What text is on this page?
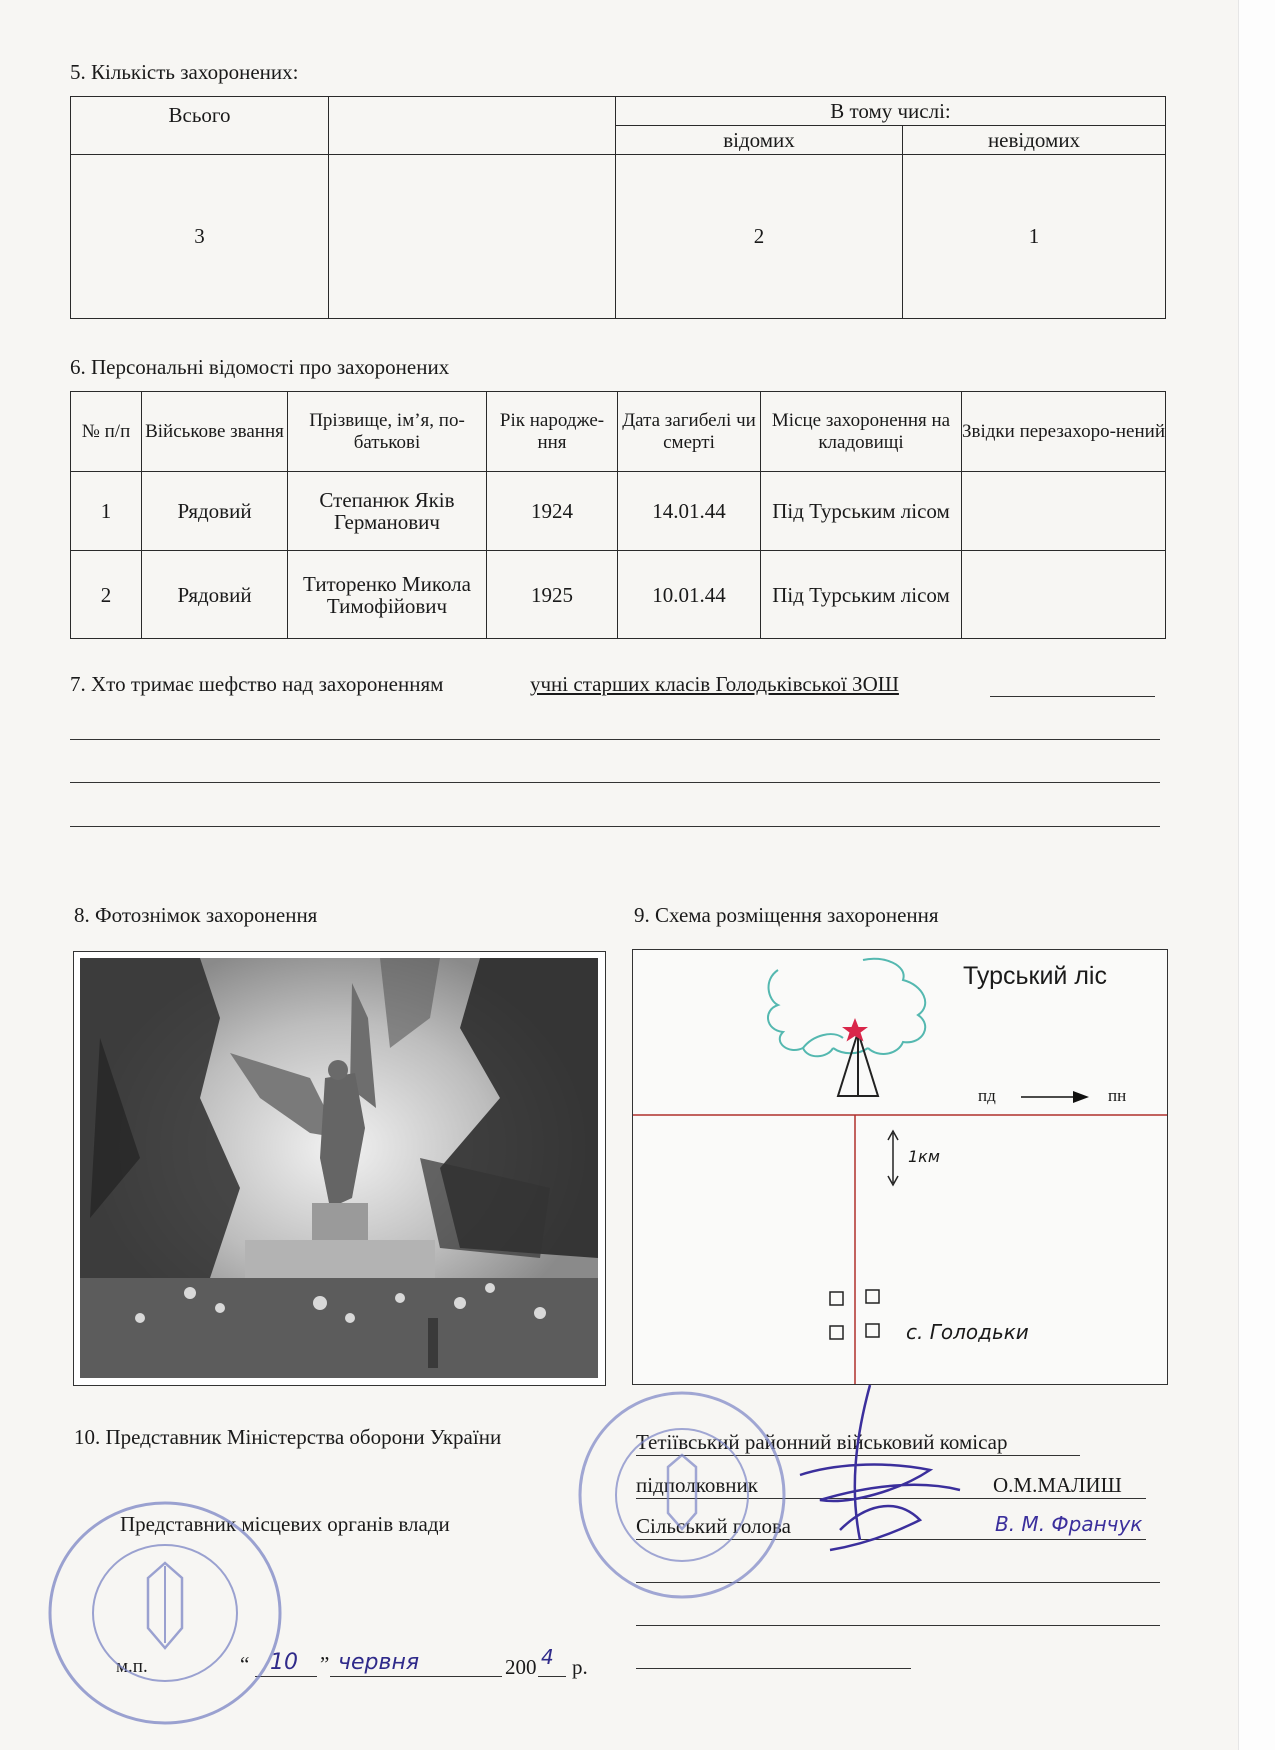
5. Кількість захоронених:
Всього		В тому числі:	
		відомих	невідомих
3		2	1
6. Персональні відомості про захоронених
№ п/п	Військове звання	Прізвище, ім’я, по-батькові	Рік народже-ння	Дата загибелі чи смерті	Місце захоронення на кладовищі	Звідки перезахоро-нений
1	Рядовий	Степанюк Яків Германович	1924	14.01.44	Під Турським лісом	
2	Рядовий	Титоренко Микола Тимофійович	1925	10.01.44	Під Турським лісом	
7. Хто тримає шефство над захороненням	учні старших класів Голодьківської ЗОШ
8. Фотознімок захоронення	9. Схема розміщення захоронення
Турський ліс
пд	пн
1км
с. Голодьки
10. Представник Міністерства оборони України
Представник місцевих органів влади
Тетіївський районний військовий комісар
підполковник	О.М.МАЛИШ
Сільський голова	В. М. Франчук
м.п.	“ 10 ” червня	200 4 р.
